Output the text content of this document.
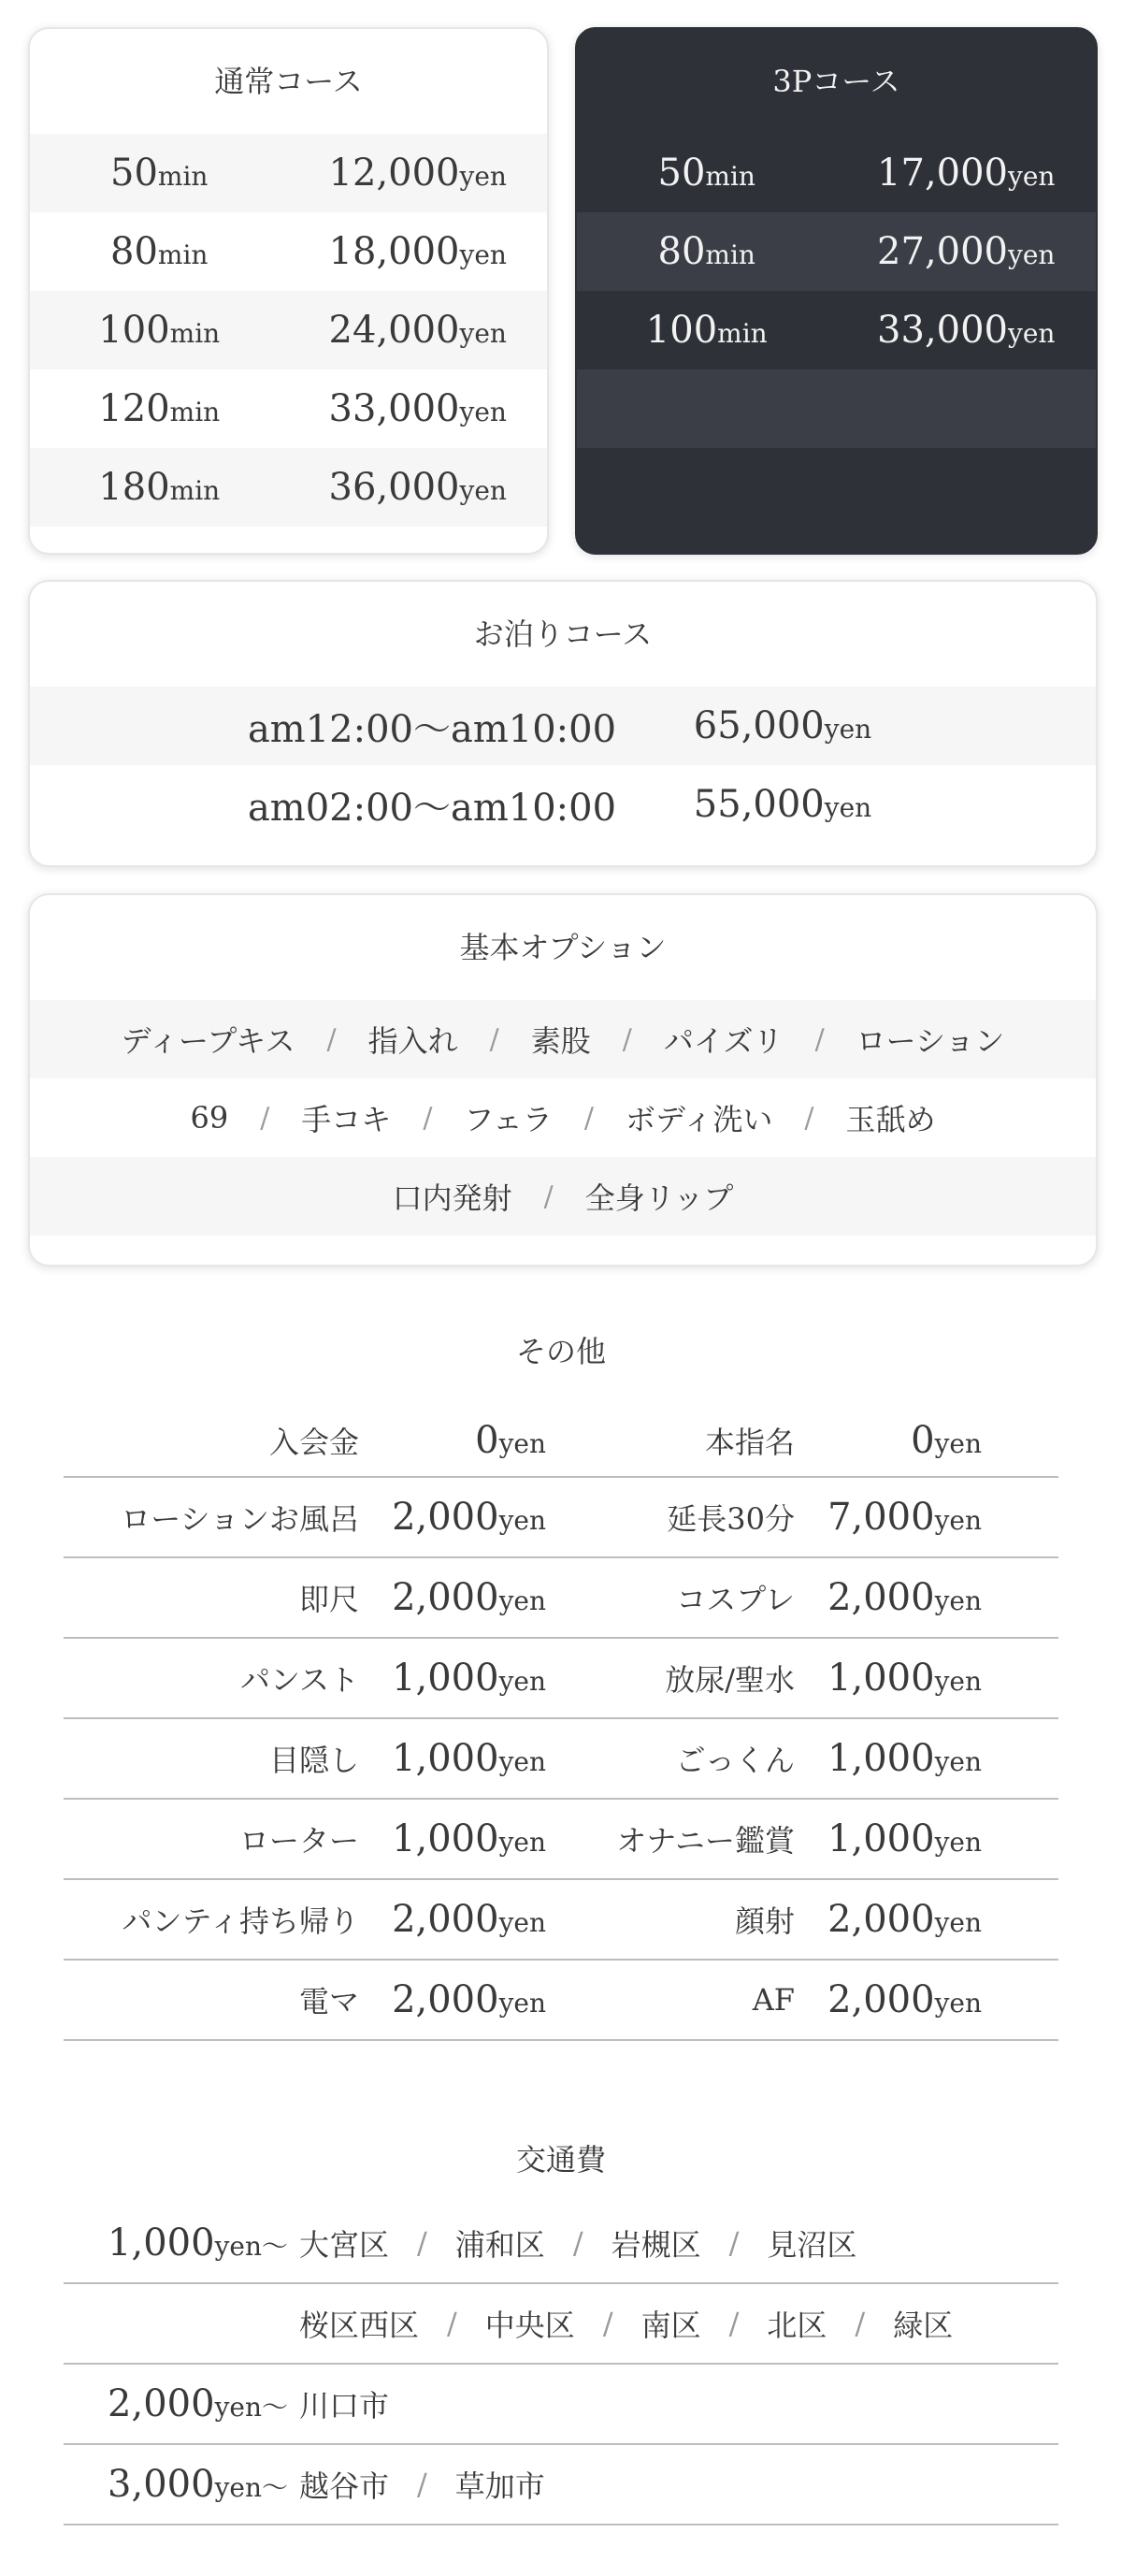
通常コース
50min	12,000yen
80min	18,000yen
100min	24,000yen
120min	33,000yen
180min	36,000yen
3Pコース
50min	17,000yen
80min	27,000yen
100min	33,000yen
お泊りコース
am12:00〜am10:00	65,000yen
am02:00〜am10:00	55,000yen
基本オプション
ディープキス / 指入れ / 素股 / パイズリ / ローション
69 / 手コキ / フェラ / ボディ洗い / 玉舐め
口内発射 / 全身リップ
その他
入会金	0yen	本指名	0yen
ローションお風呂 2,000yen	延長30分 7,000yen
即尺 2,000yen	コスプレ 2,000yen
パンスト 1,000yen	放尿/聖水 1,000yen
目隠し 1,000yen	ごっくん 1,000yen
ローター 1,000yen	オナニー鑑賞 1,000yen
パンティ持ち帰り 2,000yen	顔射 2,000yen
電マ 2,000yen	AF 2,000yen
交通費
1,000yen〜 大宮区 / 浦和区 / 岩槻区 / 見沼区
桜区西区 / 中央区 / 南区 / 北区 / 緑区
2,000yen〜 川口市
3,000yen〜 越谷市 / 草加市
